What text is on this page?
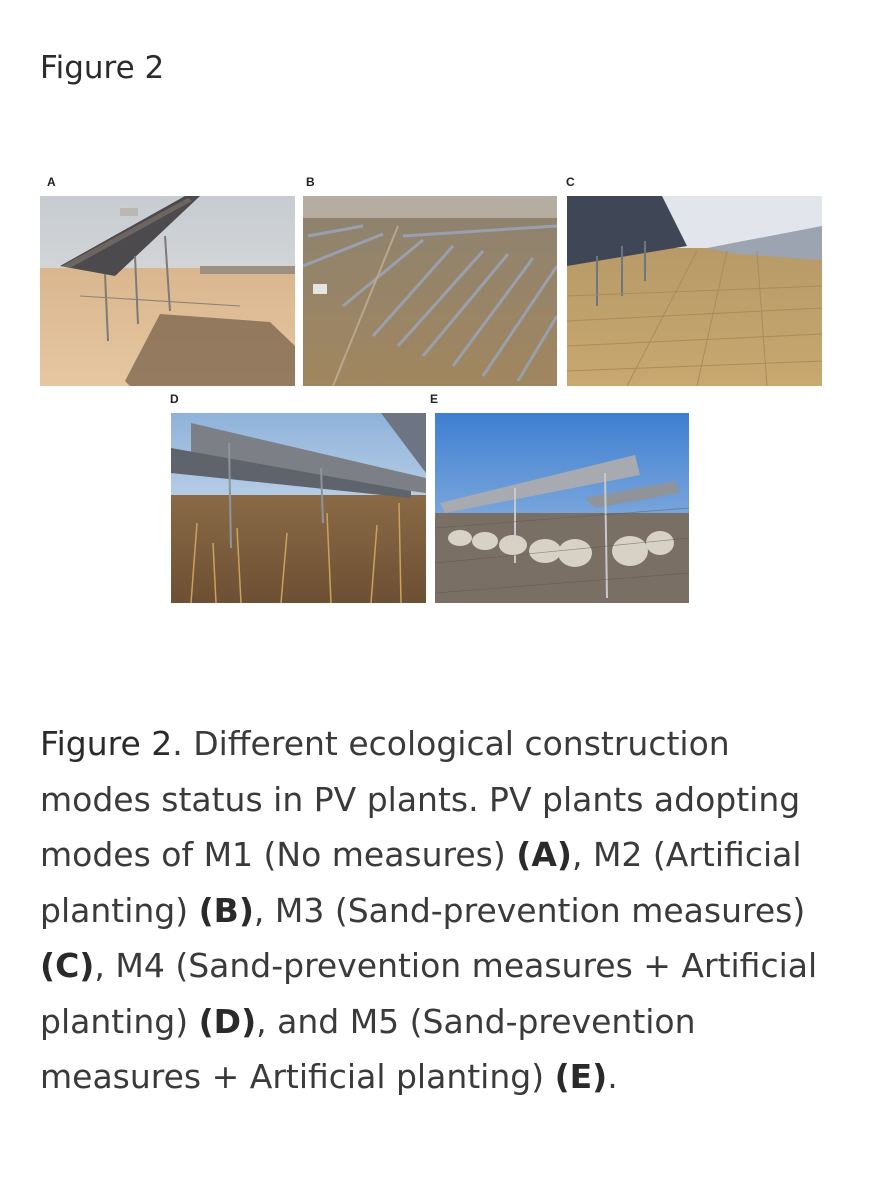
Figure 2
A	B	C
D	E
Figure 2. Different ecological construction modes status in PV plants. PV plants adopting modes of M1 (No measures) (A), M2 (Artificial planting) (B), M3 (Sand-prevention measures) (C), M4 (Sand-prevention measures + Artificial planting) (D), and M5 (Sand-prevention measures + Artificial planting) (E).
